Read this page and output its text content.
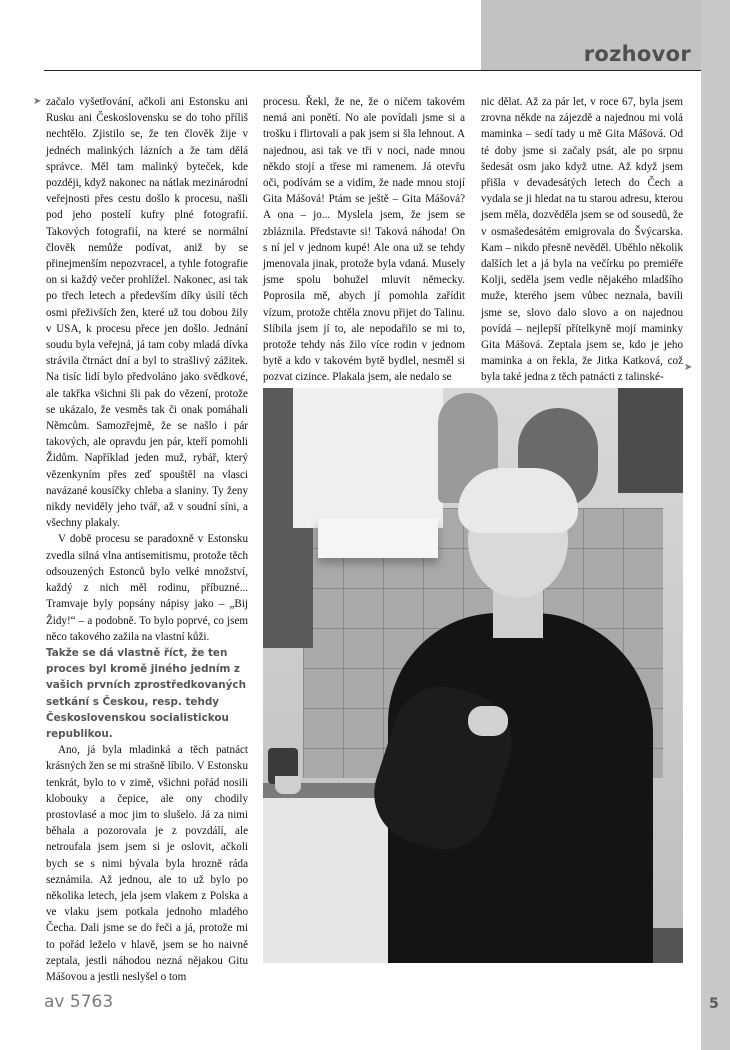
rozhovor
➤ začalo vyšetřování, ačkoli ani Estonsku ani Rusku ani Československu se do toho příliš nechtělo. Zjistilo se, že ten člověk žije v jednéch malinkých lázních a že tam dělá správce. Měl tam malinký byteček, kde později, když nakonec na nátlak mezinárodní veřejnosti přes cestu došlo k procesu, našli pod jeho postelí kufry plné fotografií. Takových fotografií, na které se normální člověk nemůže podívat, aniž by se přinejmenším nepozvracel, a tyhle fotografie on si každý večer prohlížel. Nakonec, asi tak po třech letech a především díky úsilí těch osmi přeživších žen, které už tou dobou žily v USA, k procesu přece jen došlo. Jednání soudu byla veřejná, já tam coby mladá dívka strávila čtrnáct dní a byl to strašlivý zážitek. Na tisíc lidí bylo předvoláno jako svědkové, ale takřka všichni šli pak do vězení, protože se ukázalo, že vesměs tak či onak pomáhali Němcům. Samozřejmě, že se našlo i pár takových, ale opravdu jen pár, kteří pomohli Židům. Například jeden muž, rybář, který vězenkyním přes zeď spouštěl na vlasci navázané kousíčky chleba a slaniny. Ty ženy nikdy neviděly jeho tvář, až v soudní síni, a všechny plakaly.

V době procesu se paradoxně v Estonsku zvedla silná vlna antisemitismu, protože těch odsouzených Estonců bylo velké množství, každý z nich měl rodinu, příbuzné... Tramvaje byly popsány nápisy jako – „Bij Židy!“ – a podobně. To bylo poprvé, co jsem něco takového zažila na vlastní kůži.

Takže se dá vlastně říct, že ten proces byl kromě jiného jedním z vašich prvních zprostředkovaných setkání s Českou, resp. tehdy Československou socialistickou republikou.

Ano, já byla mladinká a těch patnáct krásných žen se mi strašně líbilo. V Estonsku tenkrát, bylo to v zimě, všichni pořád nosili klobouky a čepice, ale ony chodily prostovlasé a moc jim to slušelo. Já za nimi běhala a pozorovala je z povzdálí, ale netroufala jsem jsem si je oslovit, ačkoli bych se s nimi bývala byla hrozně ráda seznámila. Až jednou, ale to už bylo po několika letech, jela jsem vlakem z Polska a ve vlaku jsem potkala jednoho mladého Čecha. Dali jsme se do řeči a já, protože mi to pořád leželo v hlavě, jsem se ho naivně zeptala, jestli náhodou nezná nějakou Gitu Mášovou a jestli neslyšel o tom

procesu. Řekl, že ne, že o ničem takovém nemá ani ponětí. No ale povídali jsme si a trošku i flirtovali a pak jsem si šla lehnout. A najednou, asi tak ve tři v noci, nade mnou někdo stojí a třese mi ramenem. Já otevřu oči, podívám se a vidím, že nade mnou stojí Gita Mášová! Ptám se ještě – Gita Mášová? A ona – jo... Myslela jsem, že jsem se zbláznila. Představte si! Taková náhoda! On s ní jel v jednom kupé! Ale ona už se tehdy jmenovala jinak, protože byla vdaná. Musely jsme spolu bohužel mluvit německy. Poprosila mě, abych jí pomohla zařídit vízum, protože chtěla znovu přijet do Talinu. Slíbila jsem jí to, ale nepodařilo se mi to, protože tehdy nás žilo více rodin v jednom bytě a kdo v takovém bytě bydlel, nesměl si pozvat cizince. Plakala jsem, ale nedalo se

nic dělat. Až za pár let, v roce 67, byla jsem zrovna někde na zájezdě a najednou mi volá maminka – sedí tady u mě Gita Mášová. Od té doby jsme si začaly psát, ale po srpnu šedesát osm jako když utne. Až když jsem přišla v devadesátých letech do Čech a vydala se ji hledat na tu starou adresu, kterou jsem měla, dozvěděla jsem se od sousedů, že v osmašedesátém emigrovala do Švýcarska. Kam – nikdo přesně nevěděl. Uběhlo několik dalších let a já byla na večírku po premiéře Kolji, seděla jsem vedle nějakého mladšího muže, kterého jsem vůbec neznala, bavili jsme se, slovo dalo slovo a on najednou povídá – nejlepší přítelkyně mojí maminky Gita Mášová. Zeptala jsem se, kdo je jeho maminka a on řekla, že Jitka Katková, což byla také jedna z těch patnácti z talinské-

➤
av 5763	5
